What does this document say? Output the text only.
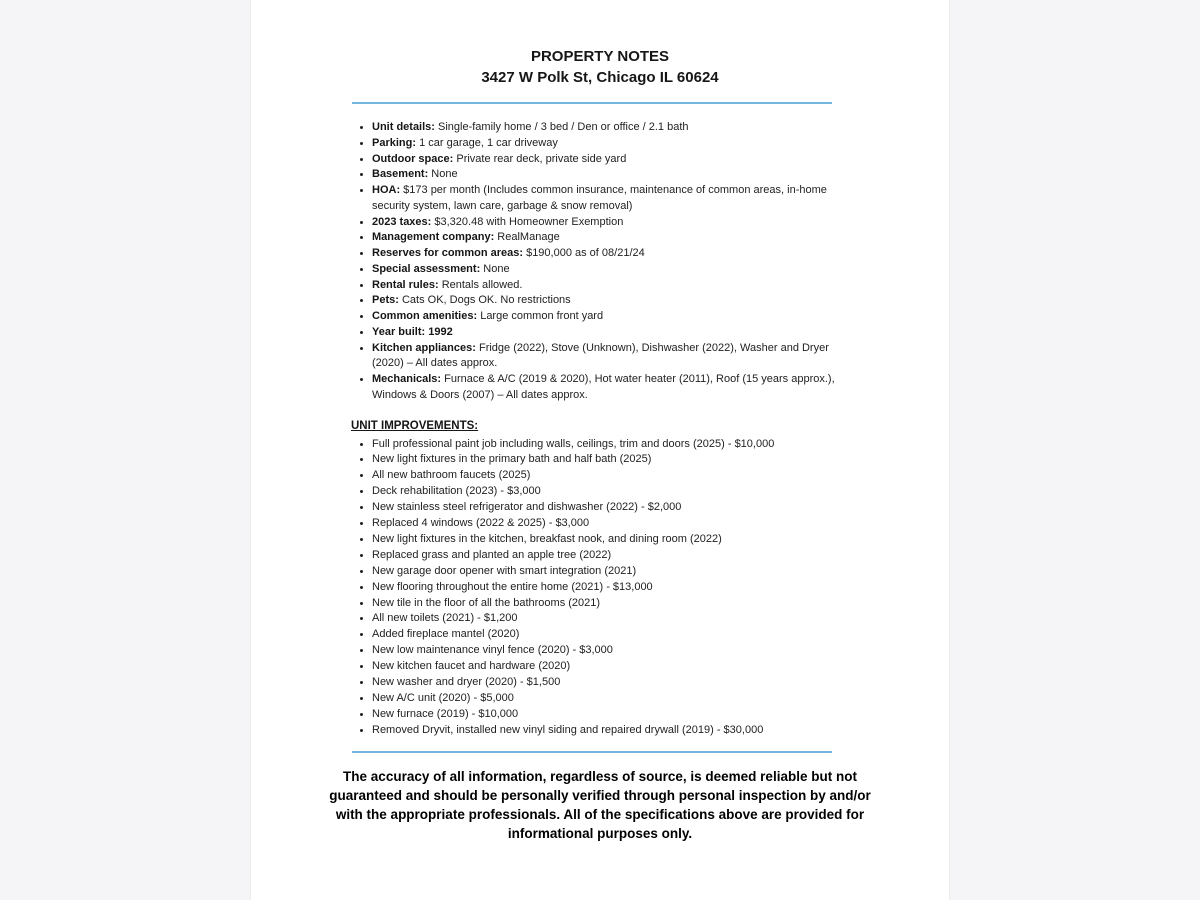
PROPERTY NOTES
3427 W Polk St, Chicago IL 60624
• Unit details: Single-family home / 3 bed / Den or office / 2.1 bath
• Parking: 1 car garage, 1 car driveway
• Outdoor space: Private rear deck, private side yard
• Basement: None
• HOA: $173 per month (Includes common insurance, maintenance of common areas, in-home security system, lawn care, garbage & snow removal)
• 2023 taxes: $3,320.48 with Homeowner Exemption
• Management company: RealManage
• Reserves for common areas: $190,000 as of 08/21/24
• Special assessment: None
• Rental rules: Rentals allowed.
• Pets: Cats OK, Dogs OK. No restrictions
• Common amenities: Large common front yard
• Year built: 1992
• Kitchen appliances: Fridge (2022), Stove (Unknown), Dishwasher (2022), Washer and Dryer (2020) – All dates approx.
• Mechanicals: Furnace & A/C (2019 & 2020), Hot water heater (2011), Roof (15 years approx.), Windows & Doors (2007) – All dates approx.
UNIT IMPROVEMENTS:
• Full professional paint job including walls, ceilings, trim and doors (2025) - $10,000
• New light fixtures in the primary bath and half bath (2025)
• All new bathroom faucets (2025)
• Deck rehabilitation (2023) - $3,000
• New stainless steel refrigerator and dishwasher (2022) - $2,000
• Replaced 4 windows (2022 & 2025) - $3,000
• New light fixtures in the kitchen, breakfast nook, and dining room (2022)
• Replaced grass and planted an apple tree (2022)
• New garage door opener with smart integration (2021)
• New flooring throughout the entire home (2021) - $13,000
• New tile in the floor of all the bathrooms (2021)
• All new toilets (2021) - $1,200
• Added fireplace mantel (2020)
• New low maintenance vinyl fence (2020) - $3,000
• New kitchen faucet and hardware (2020)
• New washer and dryer (2020) - $1,500
• New A/C unit (2020) - $5,000
• New furnace (2019) - $10,000
• Removed Dryvit, installed new vinyl siding and repaired drywall (2019) - $30,000

The accuracy of all information, regardless of source, is deemed reliable but not guaranteed and should be personally verified through personal inspection by and/or with the appropriate professionals. All of the specifications above are provided for informational purposes only.
